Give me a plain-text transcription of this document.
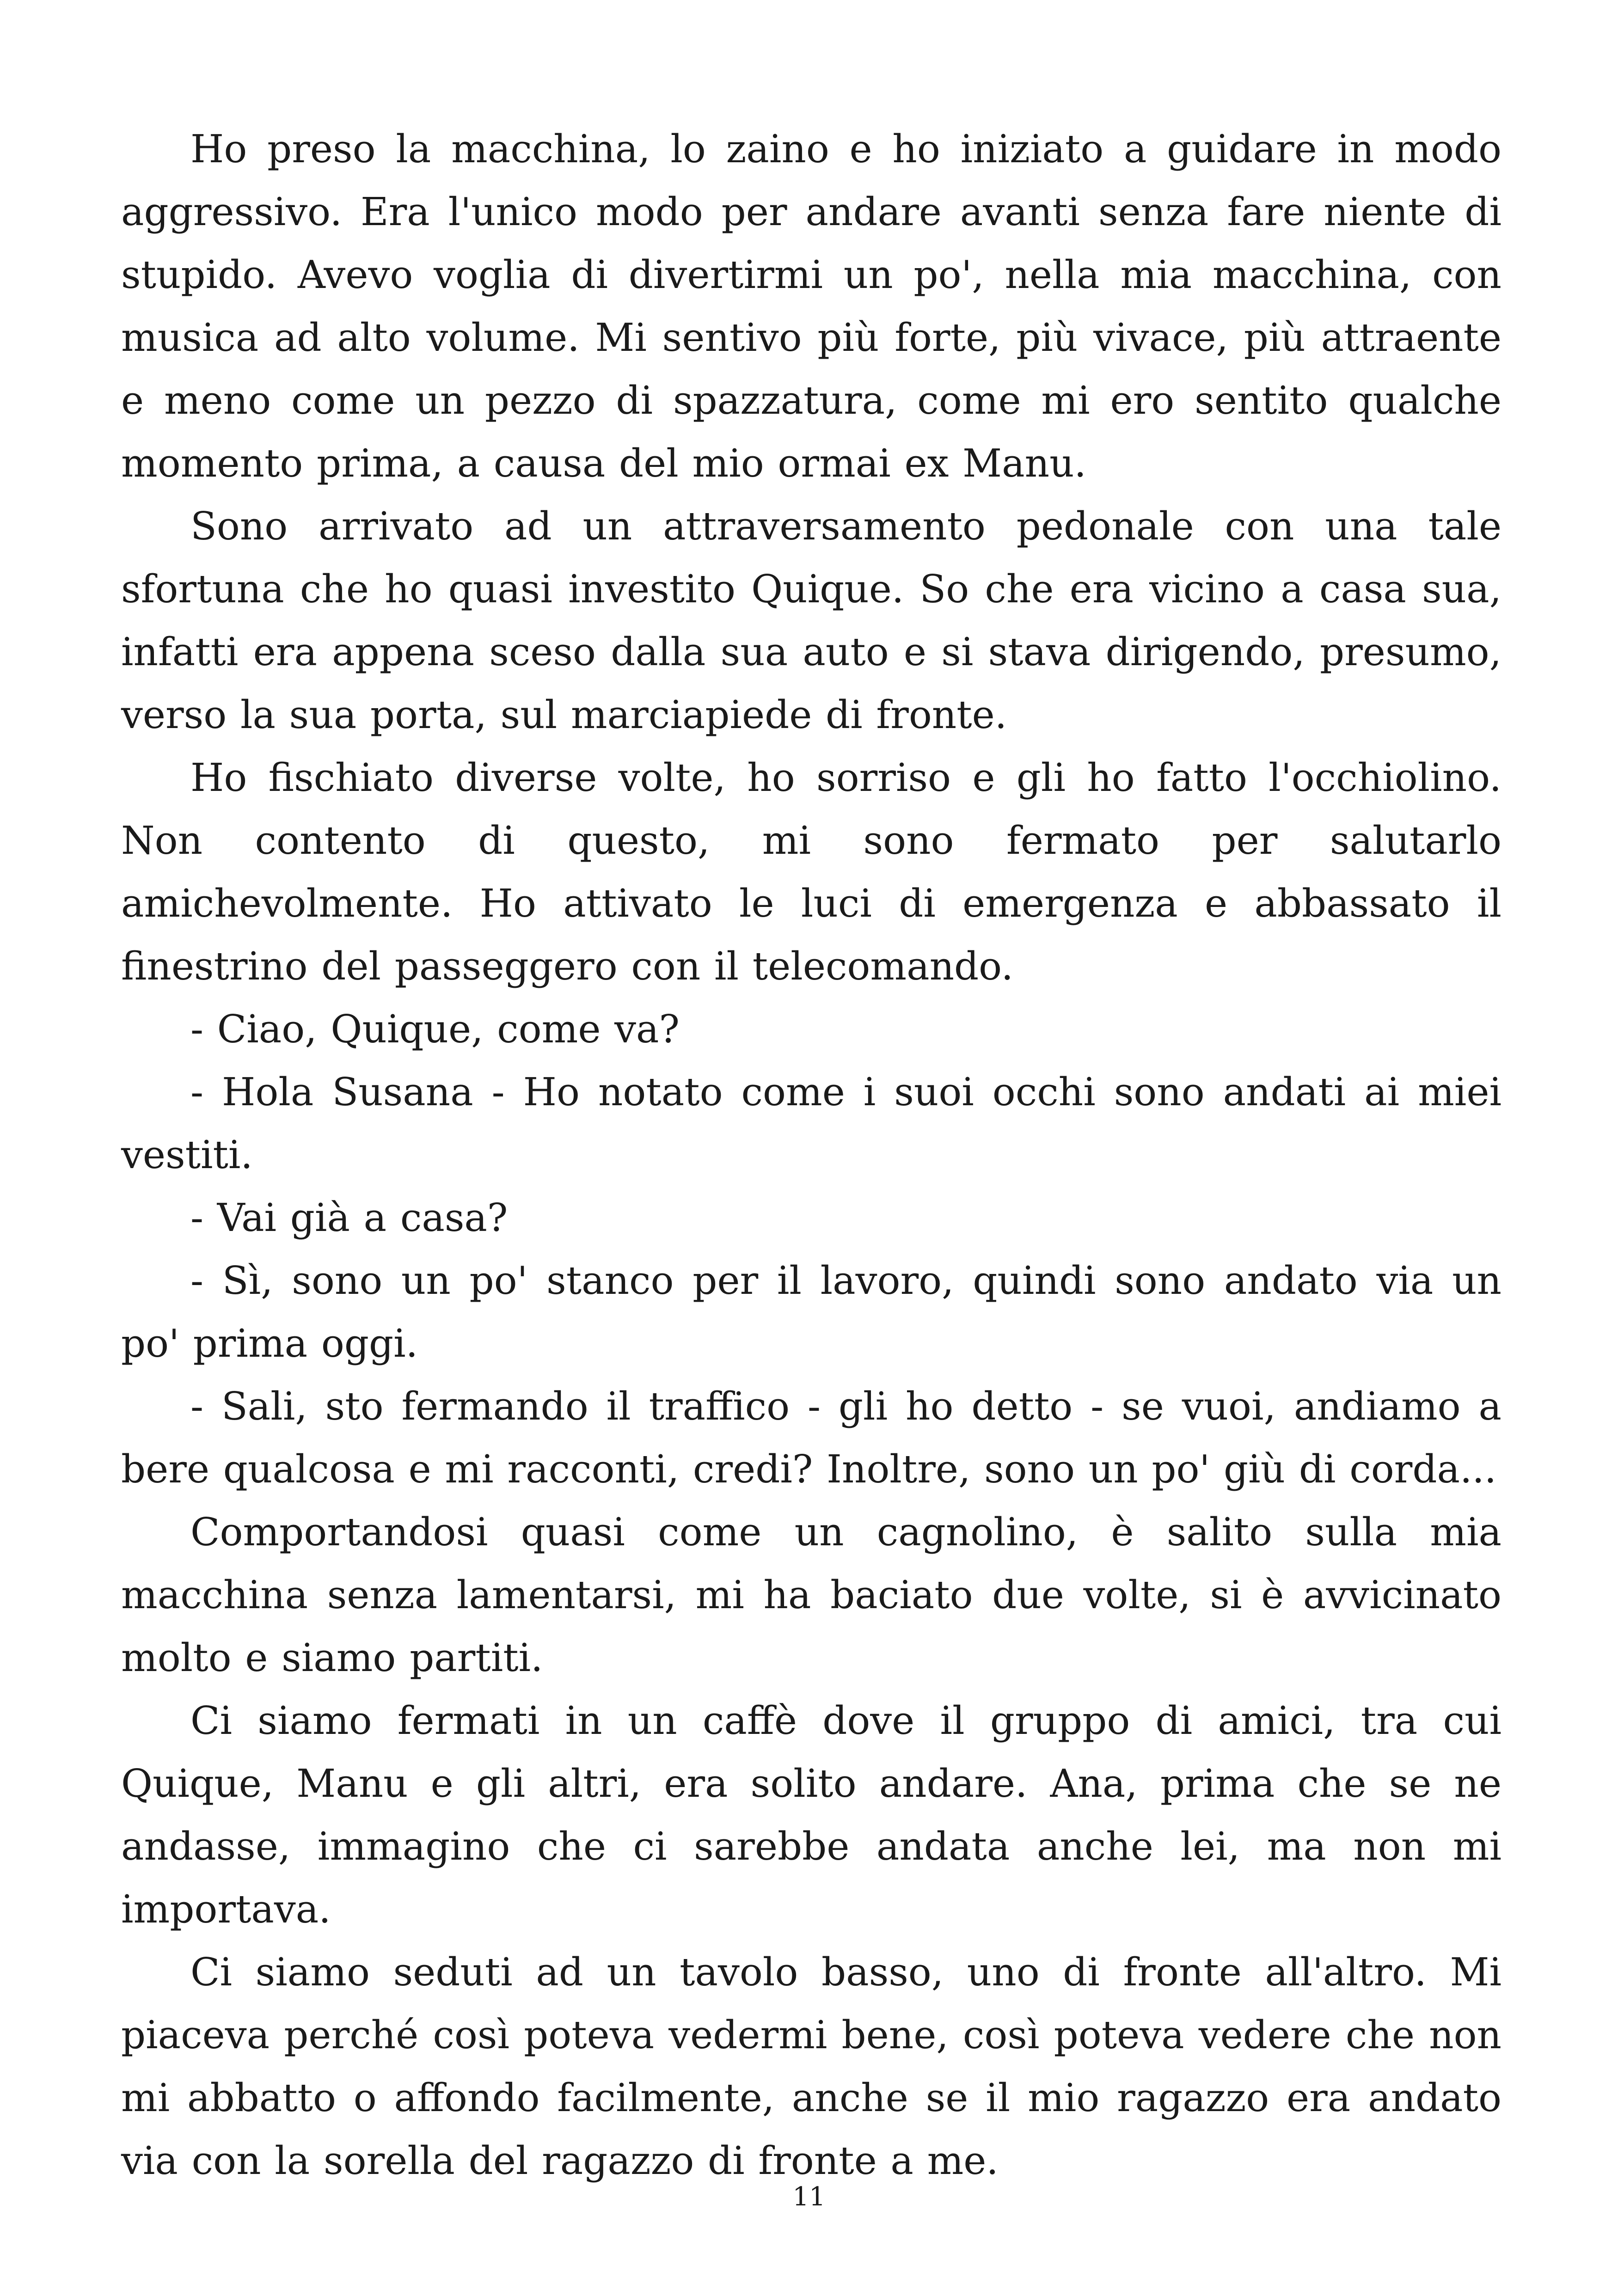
Ho preso la macchina, lo zaino e ho iniziato a guidare in modo aggressivo. Era l'unico modo per andare avanti senza fare niente di stupido. Avevo voglia di divertirmi un po', nella mia macchina, con musica ad alto volume. Mi sentivo più forte, più vivace, più attraente e meno come un pezzo di spazzatura, come mi ero sentito qualche momento prima, a causa del mio ormai ex Manu.

Sono arrivato ad un attraversamento pedonale con una tale sfortuna che ho quasi investito Quique. So che era vicino a casa sua, infatti era appena sceso dalla sua auto e si stava dirigendo, presumo, verso la sua porta, sul marciapiede di fronte.

Ho fischiato diverse volte, ho sorriso e gli ho fatto l'occhiolino. Non contento di questo, mi sono fermato per salutarlo amichevolmente. Ho attivato le luci di emergenza e abbassato il finestrino del passeggero con il telecomando.

- Ciao, Quique, come va?

- Hola Susana - Ho notato come i suoi occhi sono andati ai miei vestiti.

- Vai già a casa?

- Sì, sono un po' stanco per il lavoro, quindi sono andato via un po' prima oggi.

- Sali, sto fermando il traffico - gli ho detto - se vuoi, andiamo a bere qualcosa e mi racconti, credi? Inoltre, sono un po' giù di corda...

Comportandosi quasi come un cagnolino, è salito sulla mia macchina senza lamentarsi, mi ha baciato due volte, si è avvicinato molto e siamo partiti.

Ci siamo fermati in un caffè dove il gruppo di amici, tra cui Quique, Manu e gli altri, era solito andare. Ana, prima che se ne andasse, immagino che ci sarebbe andata anche lei, ma non mi importava.

Ci siamo seduti ad un tavolo basso, uno di fronte all'altro. Mi piaceva perché così poteva vedermi bene, così poteva vedere che non mi abbatto o affondo facilmente, anche se il mio ragazzo era andato via con la sorella del ragazzo di fronte a me.

11
